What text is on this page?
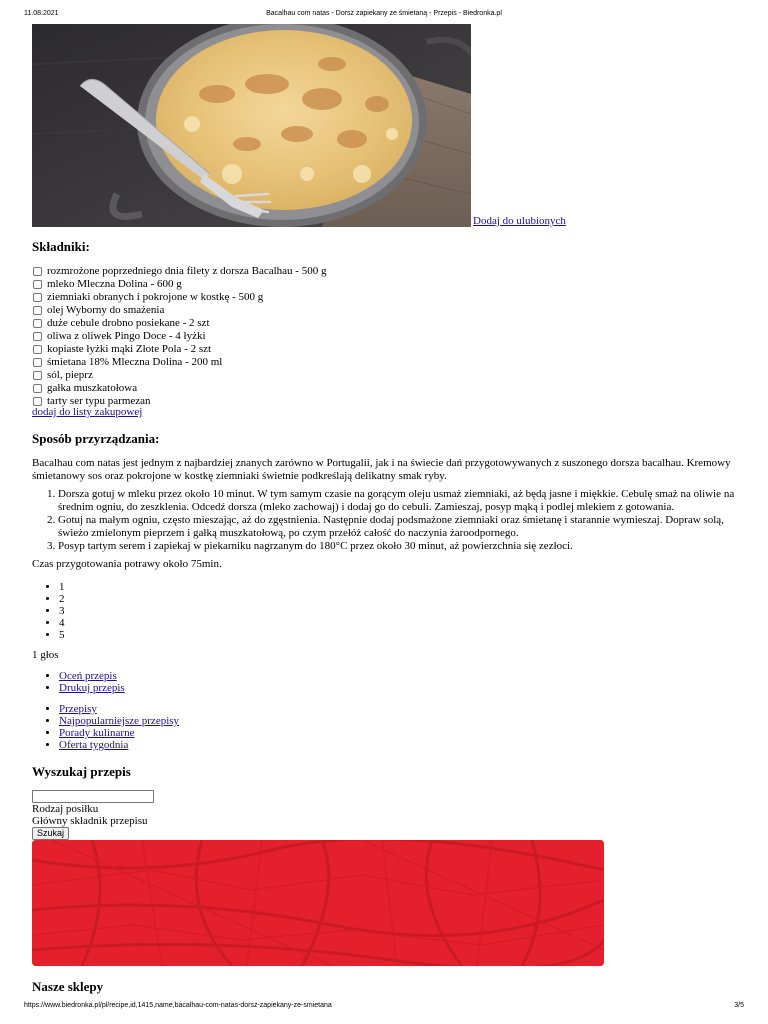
11.08.2021	Bacalhau com natas - Dorsz zapiekany ze śmietaną - Przepis - Biedronka.pl
Dodaj do ulubionych
Składniki:
rozmrożone poprzedniego dnia filety z dorsza Bacalhau - 500 g
mleko Mleczna Dolina - 600 g
ziemniaki obranych i pokrojone w kostkę - 500 g
olej Wyborny do smażenia
duże cebule drobno posiekane - 2 szt
oliwa z oliwek Pingo Doce - 4 łyżki
kopiaste łyżki mąki Złote Pola - 2 szt
śmietana 18% Mleczna Dolina - 200 ml
sól, pieprz
gałka muszkatołowa
tarty ser typu parmezan
dodaj do listy zakupowej
Sposób przyrządzania:

Bacalhau com natas jest jednym z najbardziej znanych zarówno w Portugalii, jak i na świecie dań przygotowywanych z suszonego dorsza bacalhau. Kremowy śmietanowy sos oraz pokrojone w kostkę ziemniaki świetnie podkreślają delikatny smak ryby.

1. Dorsza gotuj w mleku przez około 10 minut. W tym samym czasie na gorącym oleju usmaż ziemniaki, aż będą jasne i miękkie. Cebulę smaż na oliwie na średnim ogniu, do zeszklenia. Odcedź dorsza (mleko zachowaj) i dodaj go do cebuli. Zamieszaj, posyp mąką i podlej mlekiem z gotowania.
2. Gotuj na małym ogniu, często mieszając, aż do zgęstnienia. Następnie dodaj podsmażone ziemniaki oraz śmietanę i starannie wymieszaj. Dopraw solą, świeżo zmielonym pieprzem i gałką muszkatołową, po czym przełóż całość do naczynia żaroodpornego.
3. Posyp tartym serem i zapiekaj w piekarniku nagrzanym do 180°C przez około 30 minut, aż powierzchnia się zezłoci.

Czas przygotowania potrawy około 75min.

• 1
• 2
• 3
• 4
• 5

1 głos

• Oceń przepis
• Drukuj przepis
• Przepisy
• Najpopularniejsze przepisy
• Porady kulinarne
• Oferta tygodnia
Wyszukaj przepis
Rodzaj posiłku
Główny składnik przepisu
Szukaj
Nasze sklepy
https://www.biedronka.pl/pl/recipe,id,1415,name,bacalhau-com-natas-dorsz-zapiekany-ze-smietana	3/5
